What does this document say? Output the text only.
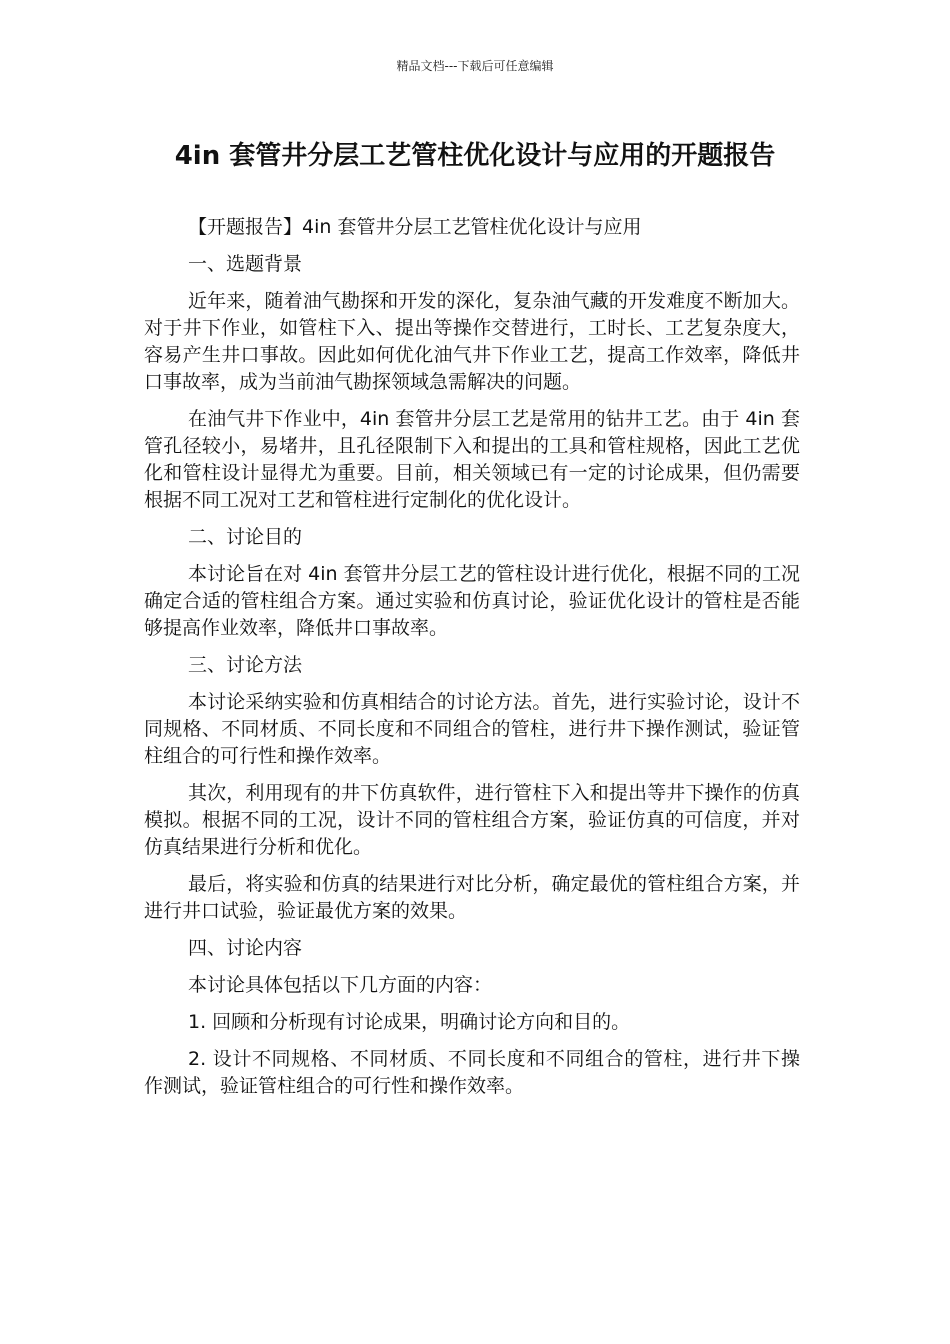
精品文档---下载后可任意编辑
4in 套管井分层工艺管柱优化设计与应用的开题报告

【开题报告】4in 套管井分层工艺管柱优化设计与应用

一、选题背景

近年来，随着油气勘探和开发的深化，复杂油气藏的开发难度不断加大。对于井下作业，如管柱下入、提出等操作交替进行，工时长、工艺复杂度大，容易产生井口事故。因此如何优化油气井下作业工艺，提高工作效率，降低井口事故率，成为当前油气勘探领域急需解决的问题。

在油气井下作业中，4in 套管井分层工艺是常用的钻井工艺。由于 4in 套管孔径较小，易堵井，且孔径限制下入和提出的工具和管柱规格，因此工艺优化和管柱设计显得尤为重要。目前，相关领域已有一定的讨论成果，但仍需要根据不同工况对工艺和管柱进行定制化的优化设计。

二、讨论目的

本讨论旨在对 4in 套管井分层工艺的管柱设计进行优化，根据不同的工况确定合适的管柱组合方案。通过实验和仿真讨论，验证优化设计的管柱是否能够提高作业效率，降低井口事故率。

三、讨论方法

本讨论采纳实验和仿真相结合的讨论方法。首先，进行实验讨论，设计不同规格、不同材质、不同长度和不同组合的管柱，进行井下操作测试，验证管柱组合的可行性和操作效率。

其次，利用现有的井下仿真软件，进行管柱下入和提出等井下操作的仿真模拟。根据不同的工况，设计不同的管柱组合方案，验证仿真的可信度，并对仿真结果进行分析和优化。

最后，将实验和仿真的结果进行对比分析，确定最优的管柱组合方案，并进行井口试验，验证最优方案的效果。

四、讨论内容

本讨论具体包括以下几方面的内容：

1. 回顾和分析现有讨论成果，明确讨论方向和目的。

2. 设计不同规格、不同材质、不同长度和不同组合的管柱，进行井下操作测试，验证管柱组合的可行性和操作效率。
